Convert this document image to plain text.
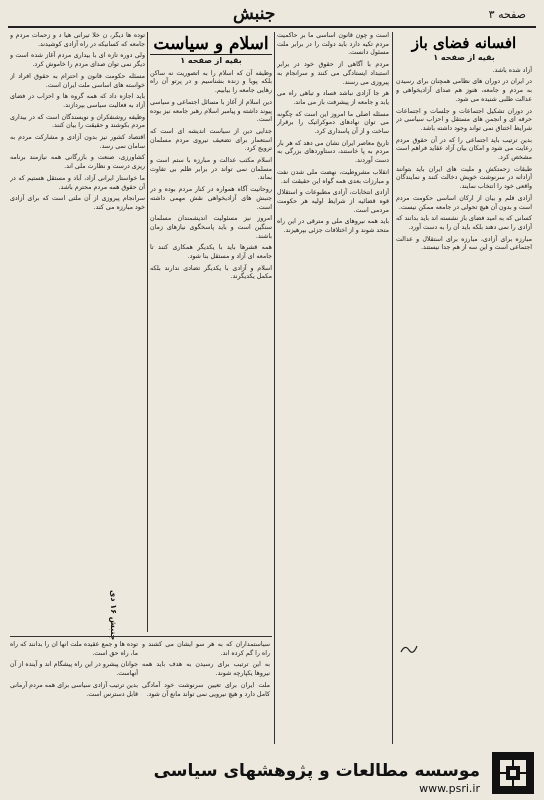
جنبش	صفحه ۳
افسانه فضای باز
بقیه از صفحه ۱

آزاد شده باشد.

در ایران در دوران های نظامی همچنان برای رسیدن به مردم و جامعه، هنوز هم صدای آزادیخواهی و عدالت طلبی شنیده می شود.

در دوران تشکیل اجتماعات و جلسات و اجتماعات حرفه ای و انجمن های مستقل و احزاب سیاسی در شرایط اختناق نمی تواند وجود داشته باشد.

بدین ترتیب باید اجتماعی را که در آن حقوق مردم رعایت می شود و امکان بیان آزاد عقاید فراهم است مشخص کرد.

طبقات زحمتکش و ملیت های ایران باید بتوانند آزادانه در سرنوشت خویش دخالت کنند و نمایندگان واقعی خود را انتخاب نمایند.

آزادی قلم و بیان از ارکان اساسی حکومت مردم است و بدون آن هیچ تحولی در جامعه ممکن نیست.

کسانی که به امید فضای باز نشسته اند باید بدانند که آزادی را نمی دهند بلکه باید آن را به دست آورد.

مبارزه برای آزادی، مبارزه برای استقلال و عدالت اجتماعی است و این سه از هم جدا نیستند.

است و چون قانون اساسی ما بر حاکمیت مردم تکیه دارد باید دولت را در برابر ملت مسئول دانست.

مردم با آگاهی از حقوق خود در برابر استبداد ایستادگی می کنند و سرانجام به پیروزی می رسند.

هر جا آزادی نباشد فساد و تباهی راه می یابد و جامعه از پیشرفت باز می ماند.

مسئله اصلی ما امروز این است که چگونه می توان نهادهای دموکراتیک را برقرار ساخت و از آن پاسداری کرد.

تاریخ معاصر ایران نشان می دهد که هر بار مردم به پا خاستند، دستاوردهای بزرگی به دست آوردند.

انقلاب مشروطیت، نهضت ملی شدن نفت و مبارزات بعدی همه گواه این حقیقت اند.

آزادی انتخابات، آزادی مطبوعات و استقلال قوه قضائیه از شرایط اولیه هر حکومت مردمی است.

باید همه نیروهای ملی و مترقی در این راه متحد شوند و از اختلافات جزئی بپرهیزند.

اسلام و سیاست
بقیه از صفحه ۱

وظیفه آن که اسلام را به اتصوریت نه ساکن بلکه پویا و زنده بشناسیم و در پرتو آن راه رهایی جامعه را بیابیم.

دین اسلام از آغاز با مسائل اجتماعی و سیاسی پیوند داشته و پیامبر اسلام رهبر جامعه نیز بوده است.

جدایی دین از سیاست اندیشه ای است که استعمار برای تضعیف نیروی مردم مسلمان ترویج کرد.

اسلام مکتب عدالت و مبارزه با ستم است و مسلمان نمی تواند در برابر ظلم بی تفاوت بماند.

روحانیت آگاه همواره در کنار مردم بوده و در جنبش های آزادیخواهی نقش مهمی داشته است.

امروز نیز مسئولیت اندیشمندان مسلمان سنگین است و باید پاسخگوی نیازهای زمان باشند.

همه قشرها باید با یکدیگر همکاری کنند تا جامعه ای آزاد و مستقل بنا شود.

اسلام و آزادی با یکدیگر تضادی ندارند بلکه مکمل یکدیگرند.

توده ها دیگر، ن خلا تیرانی هیا د و زحمات مردم و جامعه که کسانیکه در راه آزادی کوشیدند.

ولی دوره تازه ای با بیداری مردم آغاز شده است و دیگر نمی توان صدای مردم را خاموش کرد.

مسئله حکومت قانون و احترام به حقوق افراد از خواسته های اساسی ملت ایران است.

باید اجازه داد که همه گروه ها و احزاب در فضای آزاد به فعالیت سیاسی بپردازند.

وظیفه روشنفکران و نویسندگان است که در بیداری مردم بکوشند و حقیقت را بیان کنند.

اقتصاد کشور نیز بدون آزادی و مشارکت مردم به سامان نمی رسد.

کشاورزی، صنعت و بازرگانی همه نیازمند برنامه ریزی درست و نظارت ملی اند.

ما خواستار ایرانی آزاد، آباد و مستقل هستیم که در آن حقوق همه مردم محترم باشد.

سرانجام پیروزی از آن ملتی است که برای آزادی خود مبارزه می کند.

جنبش ۱۶ دی

سیاستمداران که به هر سو ایشان می کشند و راه را گم کرده اند.

به این ترتیب برای رسیدن به هدف باید همه نیروها یکپارچه شوند.

ملت ایران برای تعیین سرنوشت خود آمادگی کامل دارد و هیچ نیرویی نمی تواند مانع آن شود.

توده ها و جمع عقیده ملت آنها ان را بدانند که راه ما، راه حق است.

جوانان پیشرو در این راه پیشگام اند و آینده از آن آنهاست.

بدین ترتیب آزادی سیاسی برای همه مردم آرمانی قابل دسترس است.

موسسه مطالعات و پژوهشهای سیاسی
www.psri.ir
